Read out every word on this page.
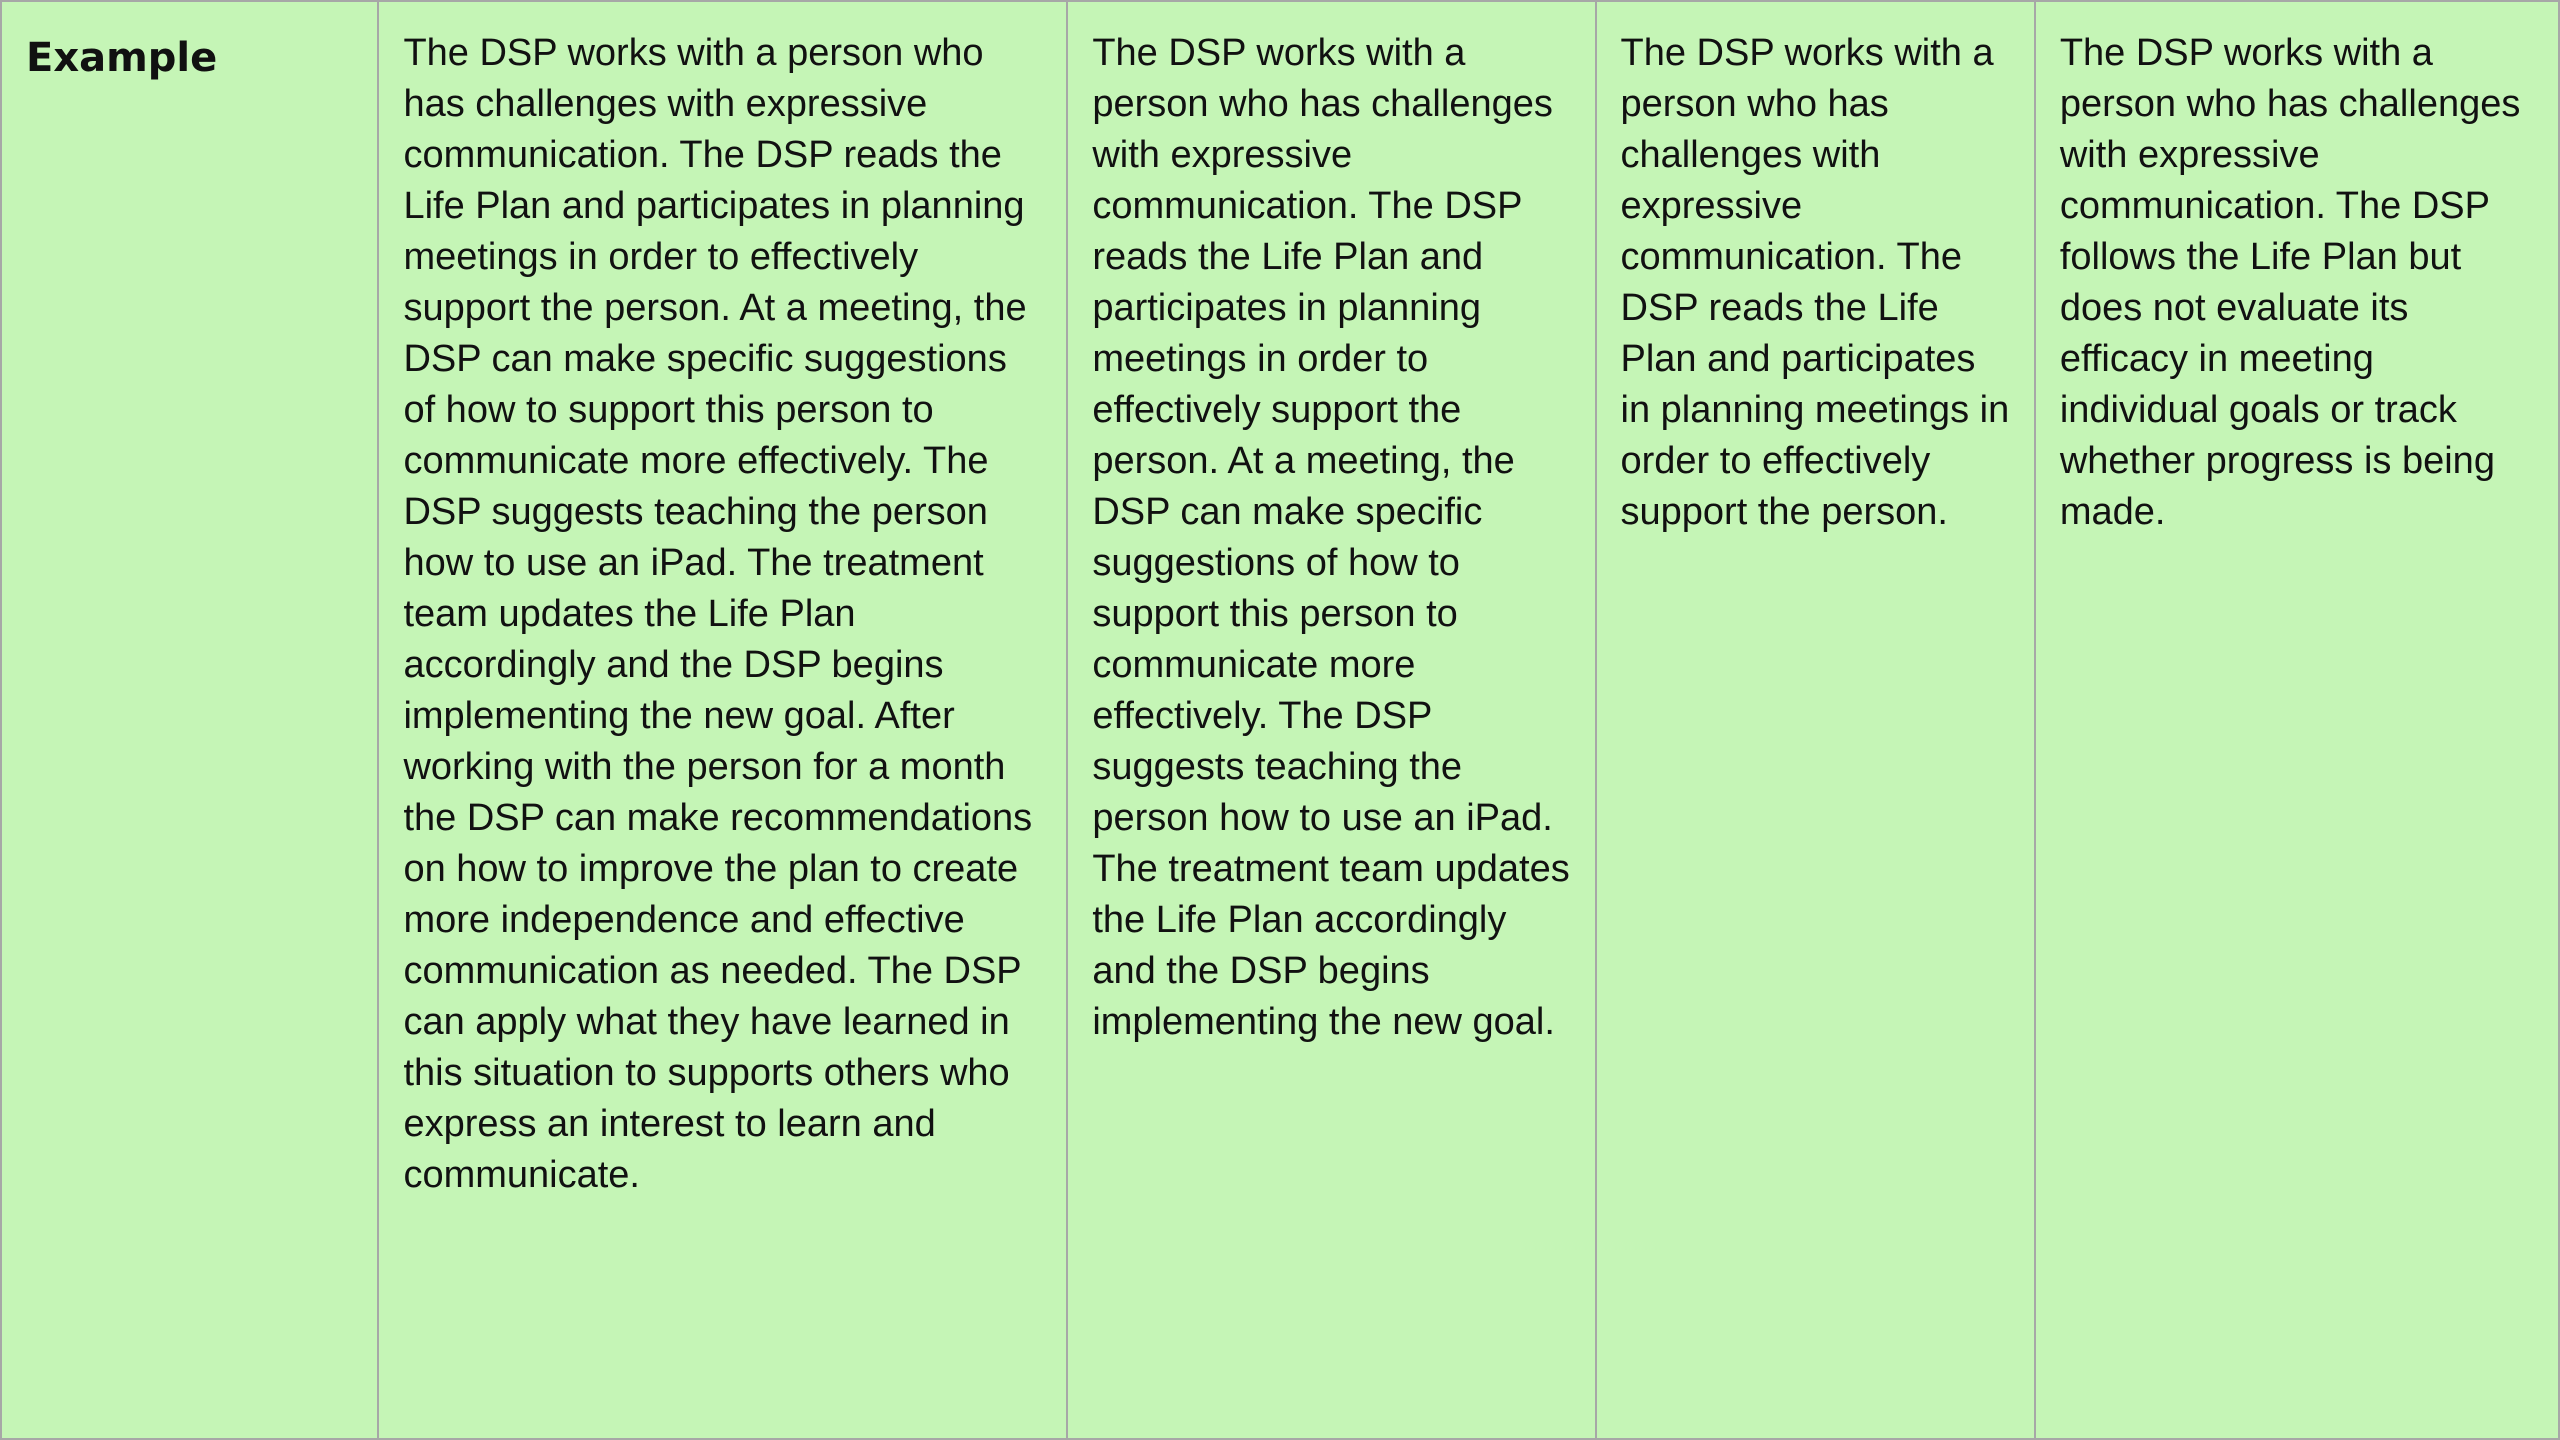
Example	The DSP works with a person who has challenges with expressive communication. The DSP reads the Life Plan and participates in planning meetings in order to effectively support the person. At a meeting, the DSP can make specific suggestions of how to support this person to communicate more effectively. The DSP suggests teaching the person how to use an iPad. The treatment team updates the Life Plan accordingly and the DSP begins implementing the new goal. After working with the person for a month the DSP can make recommendations on how to improve the plan to create more independence and effective communication as needed. The DSP can apply what they have learned in this situation to supports others who express an interest to learn and communicate.

The DSP works with a person who has challenges with expressive communication. The DSP reads the Life Plan and participates in planning meetings in order to effectively support the person. At a meeting, the DSP can make specific suggestions of how to support this person to communicate more effectively. The DSP suggests teaching the person how to use an iPad. The treatment team updates the Life Plan accordingly and the DSP begins implementing the new goal.

The DSP works with a person who has challenges with expressive communication. The DSP reads the Life Plan and participates in planning meetings in order to effectively support the person.

The DSP works with a person who has challenges with expressive communication. The DSP follows the Life Plan but does not evaluate its efficacy in meeting individual goals or track whether progress is being made.
